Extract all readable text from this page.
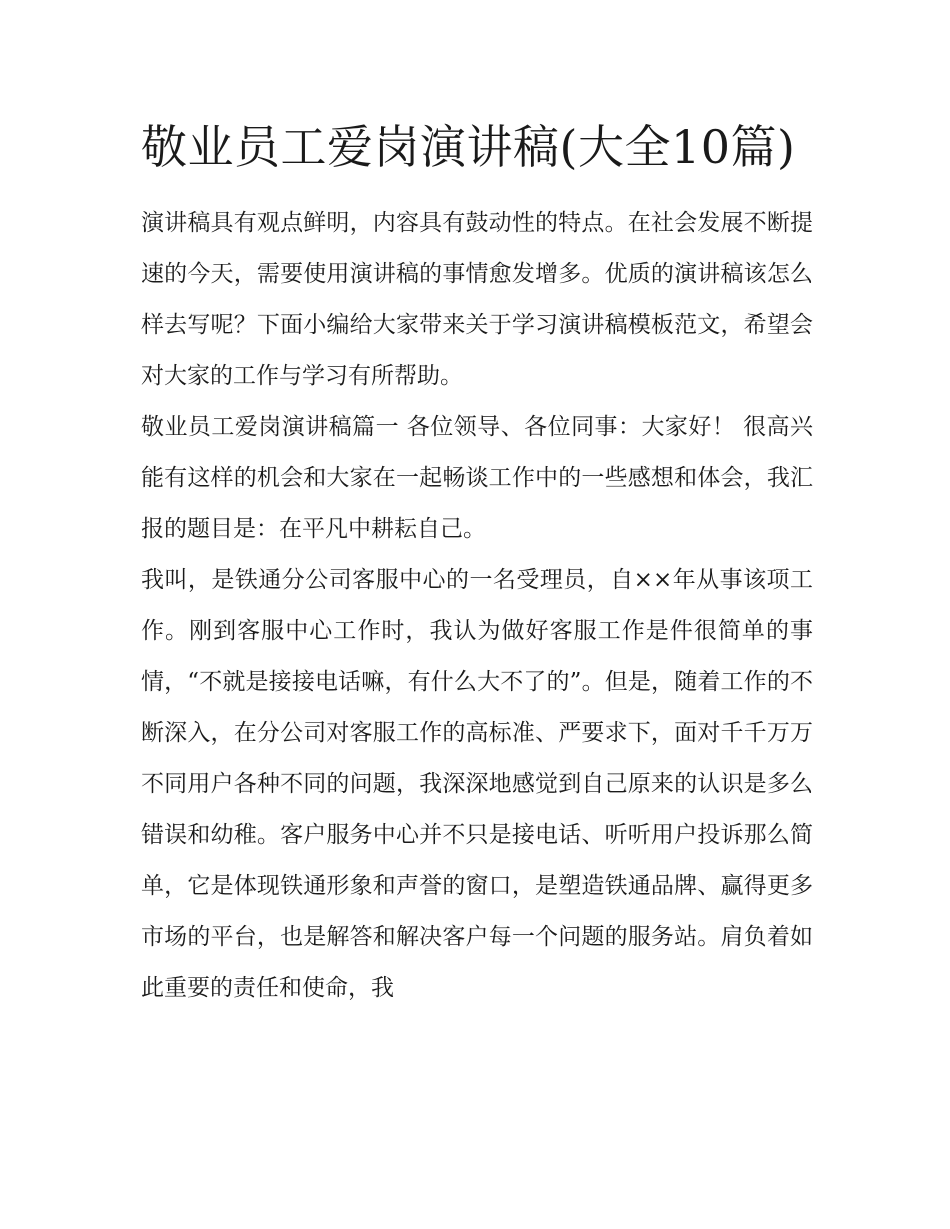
敬业员工爱岗演讲稿(大全10篇)

演讲稿具有观点鲜明，内容具有鼓动性的特点。在社会发展不断提速的今天，需要使用演讲稿的事情愈发增多。优质的演讲稿该怎么样去写呢？下面小编给大家带来关于学习演讲稿模板范文，希望会对大家的工作与学习有所帮助。

敬业员工爱岗演讲稿篇一 各位领导、各位同事：大家好！ 很高兴能有这样的机会和大家在一起畅谈工作中的一些感想和体会，我汇报的题目是：在平凡中耕耘自己。

我叫，是铁通分公司客服中心的一名受理员，自××年从事该项工作。刚到客服中心工作时，我认为做好客服工作是件很简单的事情，“不就是接接电话嘛，有什么大不了的”。但是，随着工作的不断深入，在分公司对客服工作的高标准、严要求下，面对千千万万不同用户各种不同的问题，我深深地感觉到自己原来的认识是多么错误和幼稚。客户服务中心并不只是接电话、听听用户投诉那么简单，它是体现铁通形象和声誉的窗口，是塑造铁通品牌、赢得更多市场的平台，也是解答和解决客户每一个问题的服务站。肩负着如此重要的责任和使命，我
